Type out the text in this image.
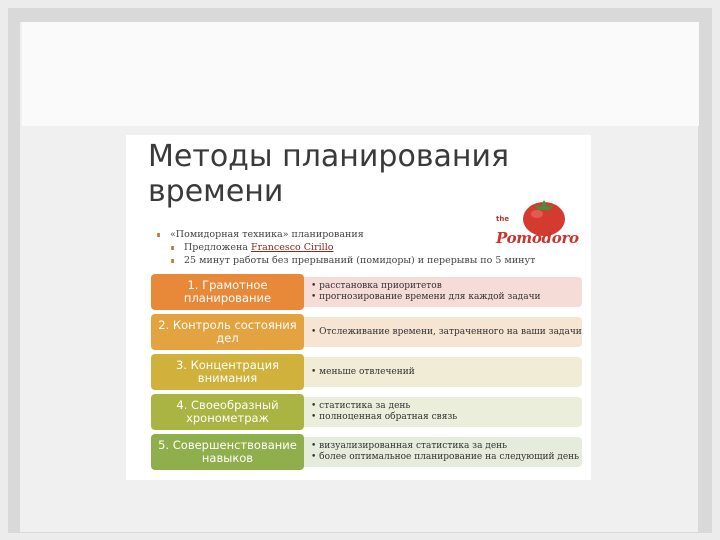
Методы планирования
времени
∎ «Помидорная техника» планирования
∎ Предложена
Francesco Cirillo
∎ 25 минут работы без прерываний (помидоры) и перерывы по 5 минут
the
Pomodoro
• расстановка приоритетов
• прогнозирование времени для каждой задачи
1. Грамотное планирование
• Отслеживание времени, затраченного на ваши задачи
2. Контроль состояния дел
• меньше отвлечений
3. Концентрация внимания
• статистика за день
• полноценная обратная связь
4. Своеобразный хронометраж
• визуализированная статистика за день
• более оптимальное планирование на следующий день
5. Совершенствование навыков
